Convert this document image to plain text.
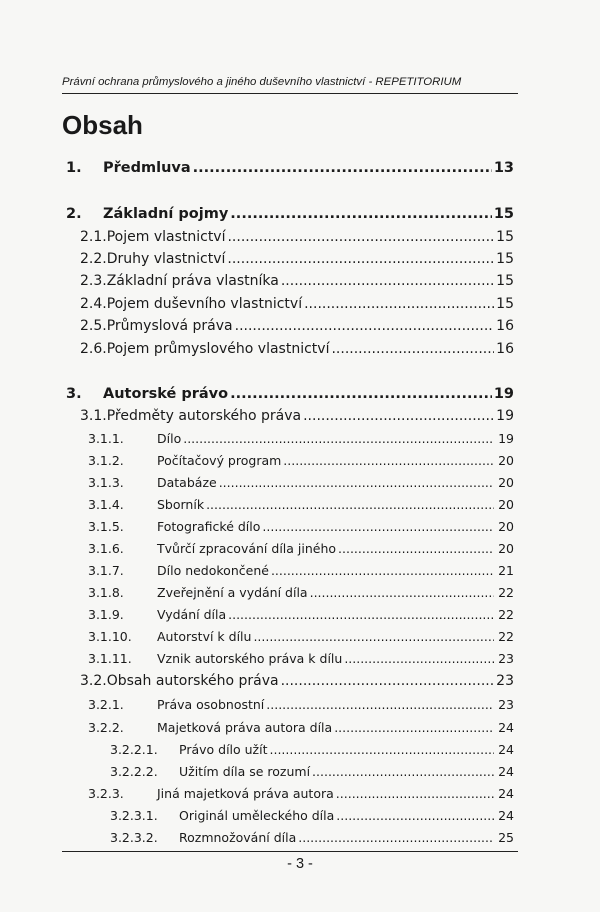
Právní ochrana průmyslového a jiného duševního vlastnictví - REPETITORIUM
Obsah
1.	Předmluva .....	13
2.	Základní pojmy .....	15
2.1. Pojem vlastnictví .....	15
2.2. Druhy vlastnictví .....	15
2.3. Základní práva vlastníka .....	15
2.4. Pojem duševního vlastnictví .....	15
2.5. Průmyslová práva .....	16
2.6. Pojem průmyslového vlastnictví .....	16
3.	Autorské právo .....	19
3.1. Předměty autorského práva .....	19
3.1.1.	Dílo .....	19
3.1.2.	Počítačový program .....	20
3.1.3.	Databáze .....	20
3.1.4.	Sborník .....	20
3.1.5.	Fotografické dílo .....	20
3.1.6.	Tvůrčí zpracování díla jiného .....	20
3.1.7.	Dílo nedokončené .....	21
3.1.8.	Zveřejnění a vydání díla .....	22
3.1.9.	Vydání díla .....	22
3.1.10.	Autorství k dílu .....	22
3.1.11.	Vznik autorského práva k dílu .....	23
3.2. Obsah autorského práva .....	23
3.2.1.	Práva osobnostní .....	23
3.2.2.	Majetková práva autora díla .....	24
3.2.2.1.	Právo dílo užít .....	24
3.2.2.2.	Užitím díla se rozumí .....	24
3.2.3.	Jiná majetková práva autora .....	24
3.2.3.1.	Originál uměleckého díla .....	24
3.2.3.2.	Rozmnožování díla .....	25
- 3 -
